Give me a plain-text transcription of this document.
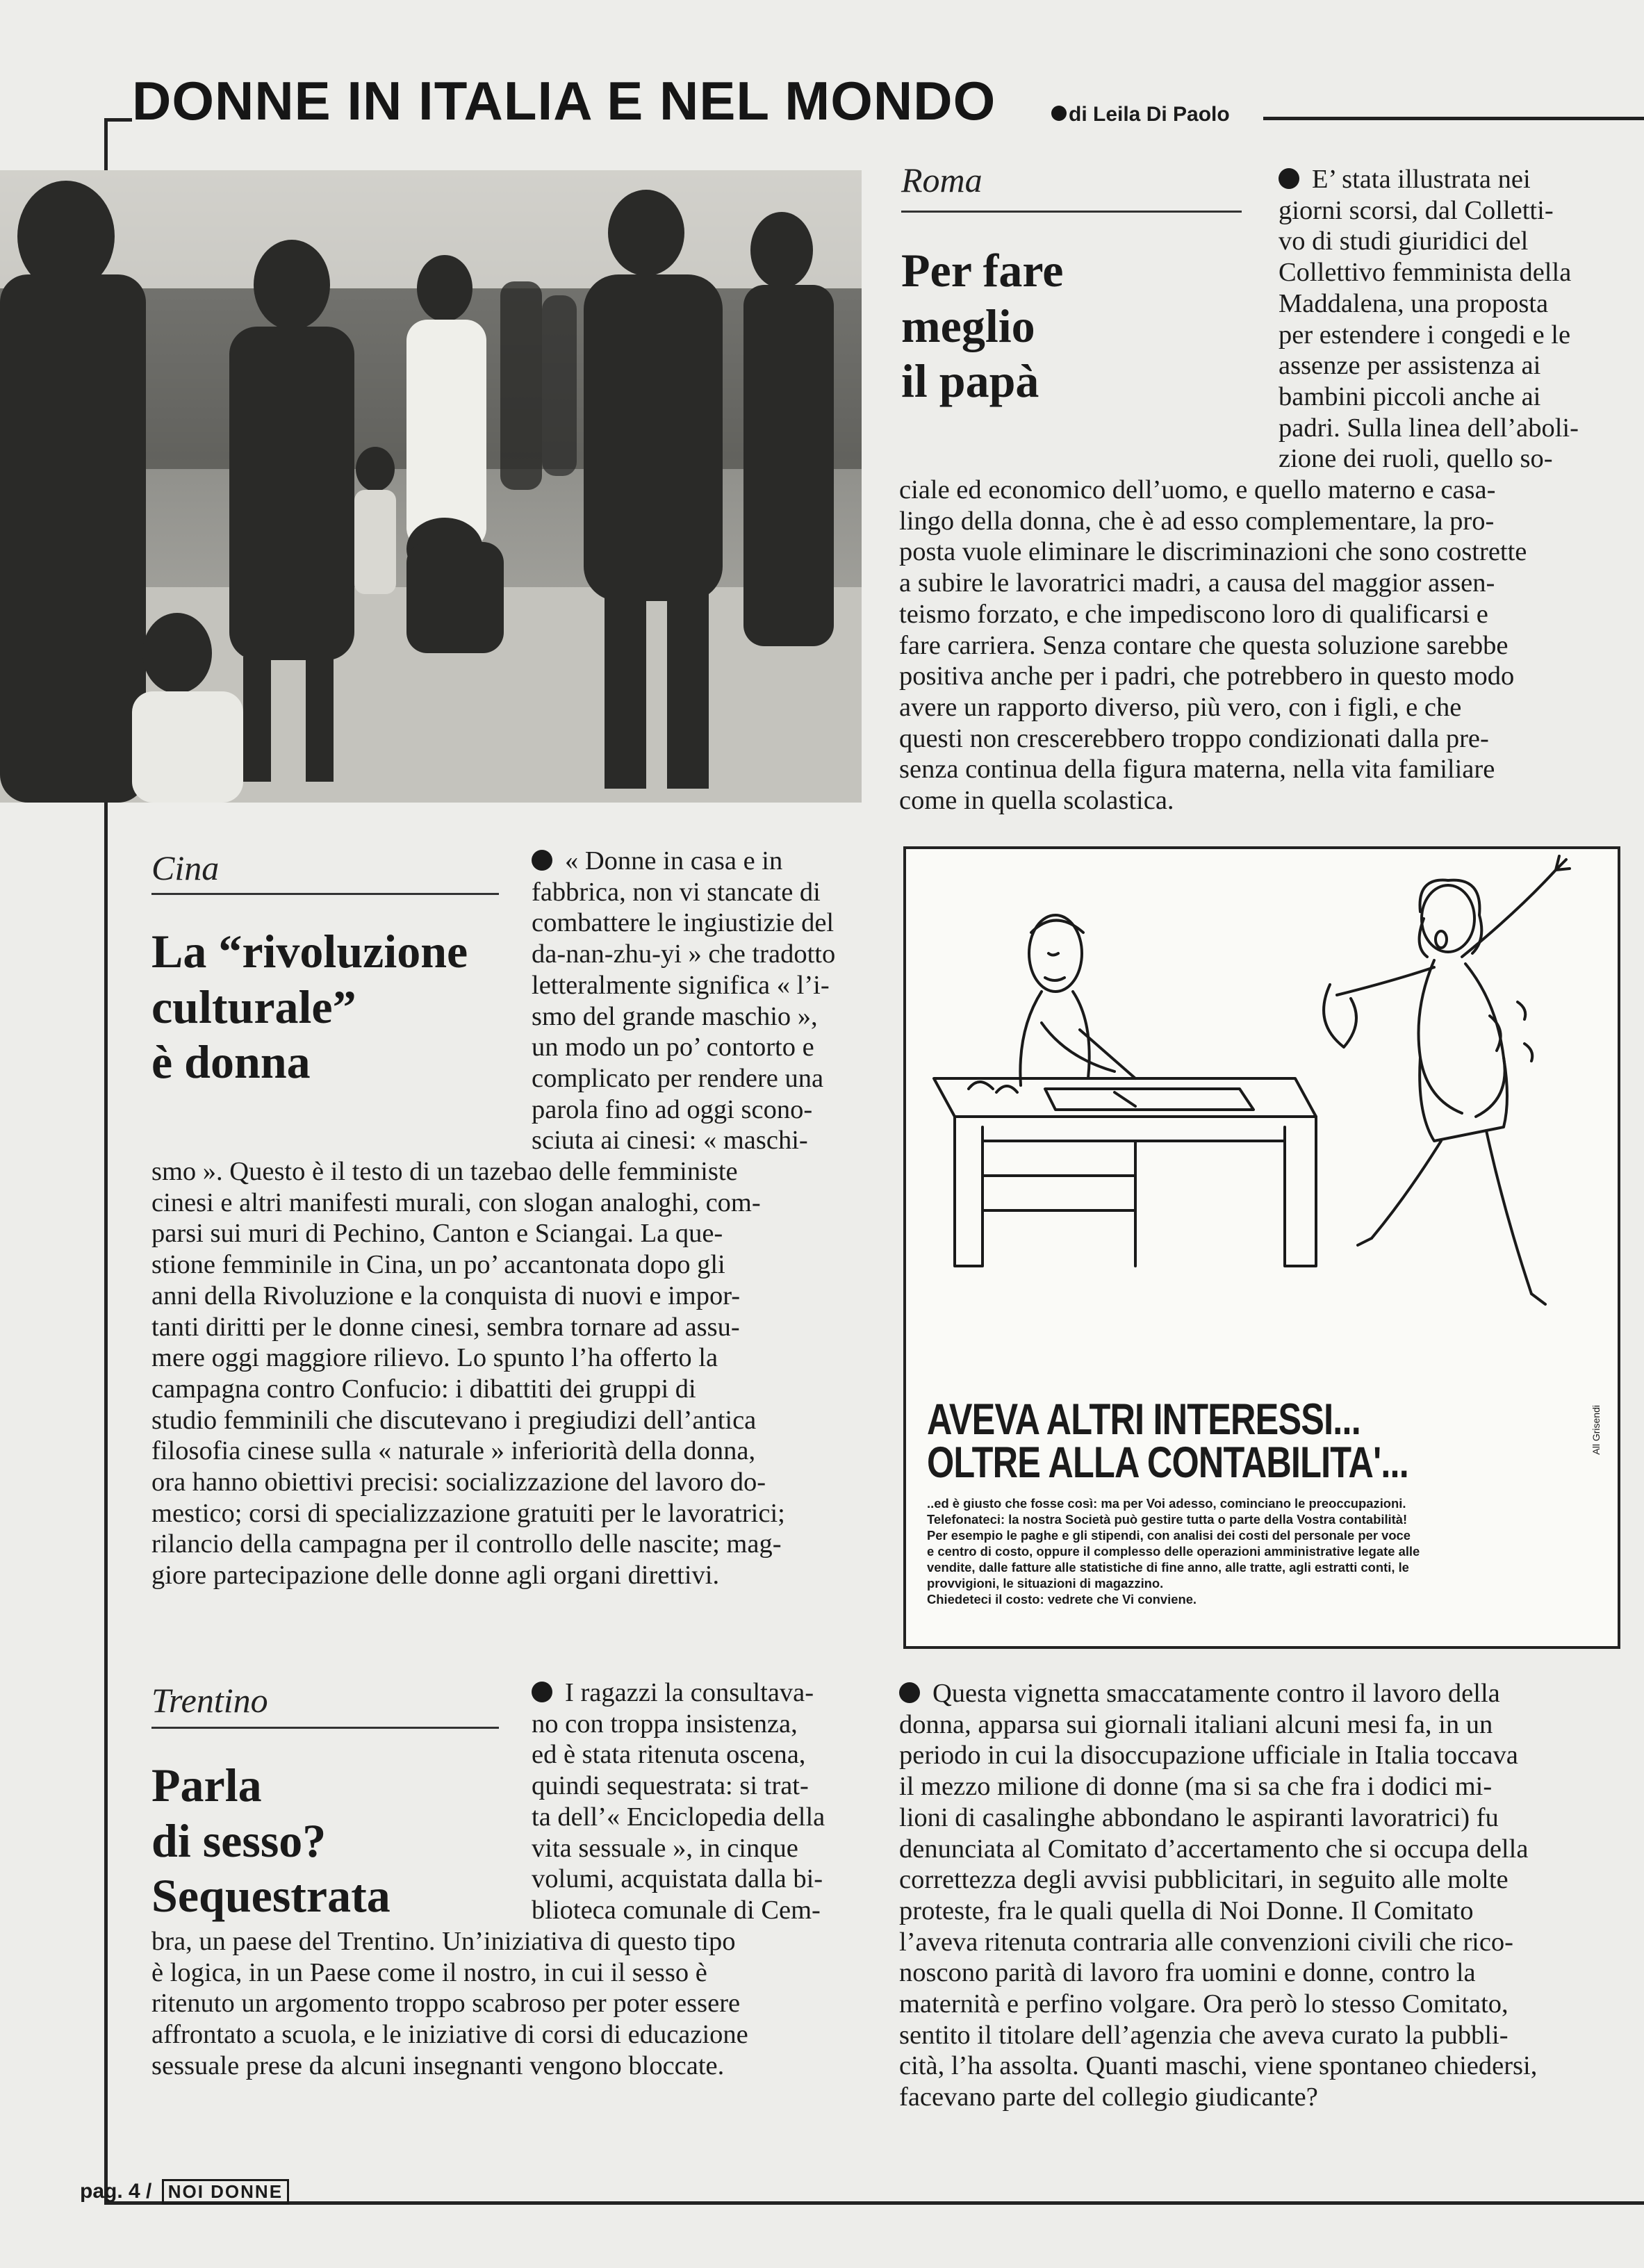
DONNE IN ITALIA E NEL MONDO	di Leila Di Paolo
Roma
Per fare
meglio
il papà

E’ stata illustrata nei

giorni scorsi, dal Colletti-

vo di studi giuridici del

Collettivo femminista della

Maddalena, una proposta

per estendere i congedi e le

assenze per assistenza ai

bambini piccoli anche ai

padri. Sulla linea dell’aboli-

zione dei ruoli, quello so-

ciale ed economico dell’uomo, e quello materno e casa-

lingo della donna, che è ad esso complementare, la pro-

posta vuole eliminare le discriminazioni che sono costrette

a subire le lavoratrici madri, a causa del maggior assen-

teismo forzato, e che impediscono loro di qualificarsi e

fare carriera. Senza contare che questa soluzione sarebbe

positiva anche per i padri, che potrebbero in questo modo

avere un rapporto diverso, più vero, con i figli, e che

questi non crescerebbero troppo condizionati dalla pre-

senza continua della figura materna, nella vita familiare

come in quella scolastica.

Cina
La “rivoluzione
culturale”
è donna

« Donne in casa e in

fabbrica, non vi stancate di

combattere le ingiustizie del

da-nan-zhu-yi » che tradotto

letteralmente significa « l’i-

smo del grande maschio »,

un modo un po’ contorto e

complicato per rendere una

parola fino ad oggi scono-

sciuta ai cinesi: « maschi-

smo ». Questo è il testo di un tazebao delle femministe

cinesi e altri manifesti murali, con slogan analoghi, com-

parsi sui muri di Pechino, Canton e Sciangai. La que-

stione femminile in Cina, un po’ accantonata dopo gli

anni della Rivoluzione e la conquista di nuovi e impor-

tanti diritti per le donne cinesi, sembra tornare ad assu-

mere oggi maggiore rilievo. Lo spunto l’ha offerto la

campagna contro Confucio: i dibattiti dei gruppi di

studio femminili che discutevano i pregiudizi dell’antica

filosofia cinese sulla « naturale » inferiorità della donna,

ora hanno obiettivi precisi: socializzazione del lavoro do-

mestico; corsi di specializzazione gratuiti per le lavoratrici;

rilancio della campagna per il controllo delle nascite; mag-

giore partecipazione delle donne agli organi direttivi.

AVEVA ALTRI INTERESSI...
OLTRE ALLA CONTABILITA'...
All Grisendi

..ed è giusto che fosse così: ma per Voi adesso, cominciano le preoccupazioni.

Telefonateci: la nostra Società può gestire tutta o parte della Vostra contabilità!

Per esempio le paghe e gli stipendi, con analisi dei costi del personale per voce

e centro di costo, oppure il complesso delle operazioni amministrative legate alle

vendite, dalle fatture alle statistiche di fine anno, alle tratte, agli estratti conti, le

provvigioni, le situazioni di magazzino.

Chiedeteci il costo: vedrete che Vi conviene.

Trentino
Parla
di sesso?
Sequestrata

I ragazzi la consultava-

no con troppa insistenza,

ed è stata ritenuta oscena,

quindi sequestrata: si trat-

ta dell’« Enciclopedia della

vita sessuale », in cinque

volumi, acquistata dalla bi-

blioteca comunale di Cem-

bra, un paese del Trentino. Un’iniziativa di questo tipo

è logica, in un Paese come il nostro, in cui il sesso è

ritenuto un argomento troppo scabroso per poter essere

affrontato a scuola, e le iniziative di corsi di educazione

sessuale prese da alcuni insegnanti vengono bloccate.

Questa vignetta smaccatamente contro il lavoro della

donna, apparsa sui giornali italiani alcuni mesi fa, in un

periodo in cui la disoccupazione ufficiale in Italia toccava

il mezzo milione di donne (ma si sa che fra i dodici mi-

lioni di casalinghe abbondano le aspiranti lavoratrici) fu

denunciata al Comitato d’accertamento che si occupa della

correttezza degli avvisi pubblicitari, in seguito alle molte

proteste, fra le quali quella di Noi Donne. Il Comitato

l’aveva ritenuta contraria alle convenzioni civili che rico-

noscono parità di lavoro fra uomini e donne, contro la

maternità e perfino volgare. Ora però lo stesso Comitato,

sentito il titolare dell’agenzia che aveva curato la pubbli-

cità, l’ha assolta. Quanti maschi, viene spontaneo chiedersi,

facevano parte del collegio giudicante?

pag. 4 / NOI DONNE
